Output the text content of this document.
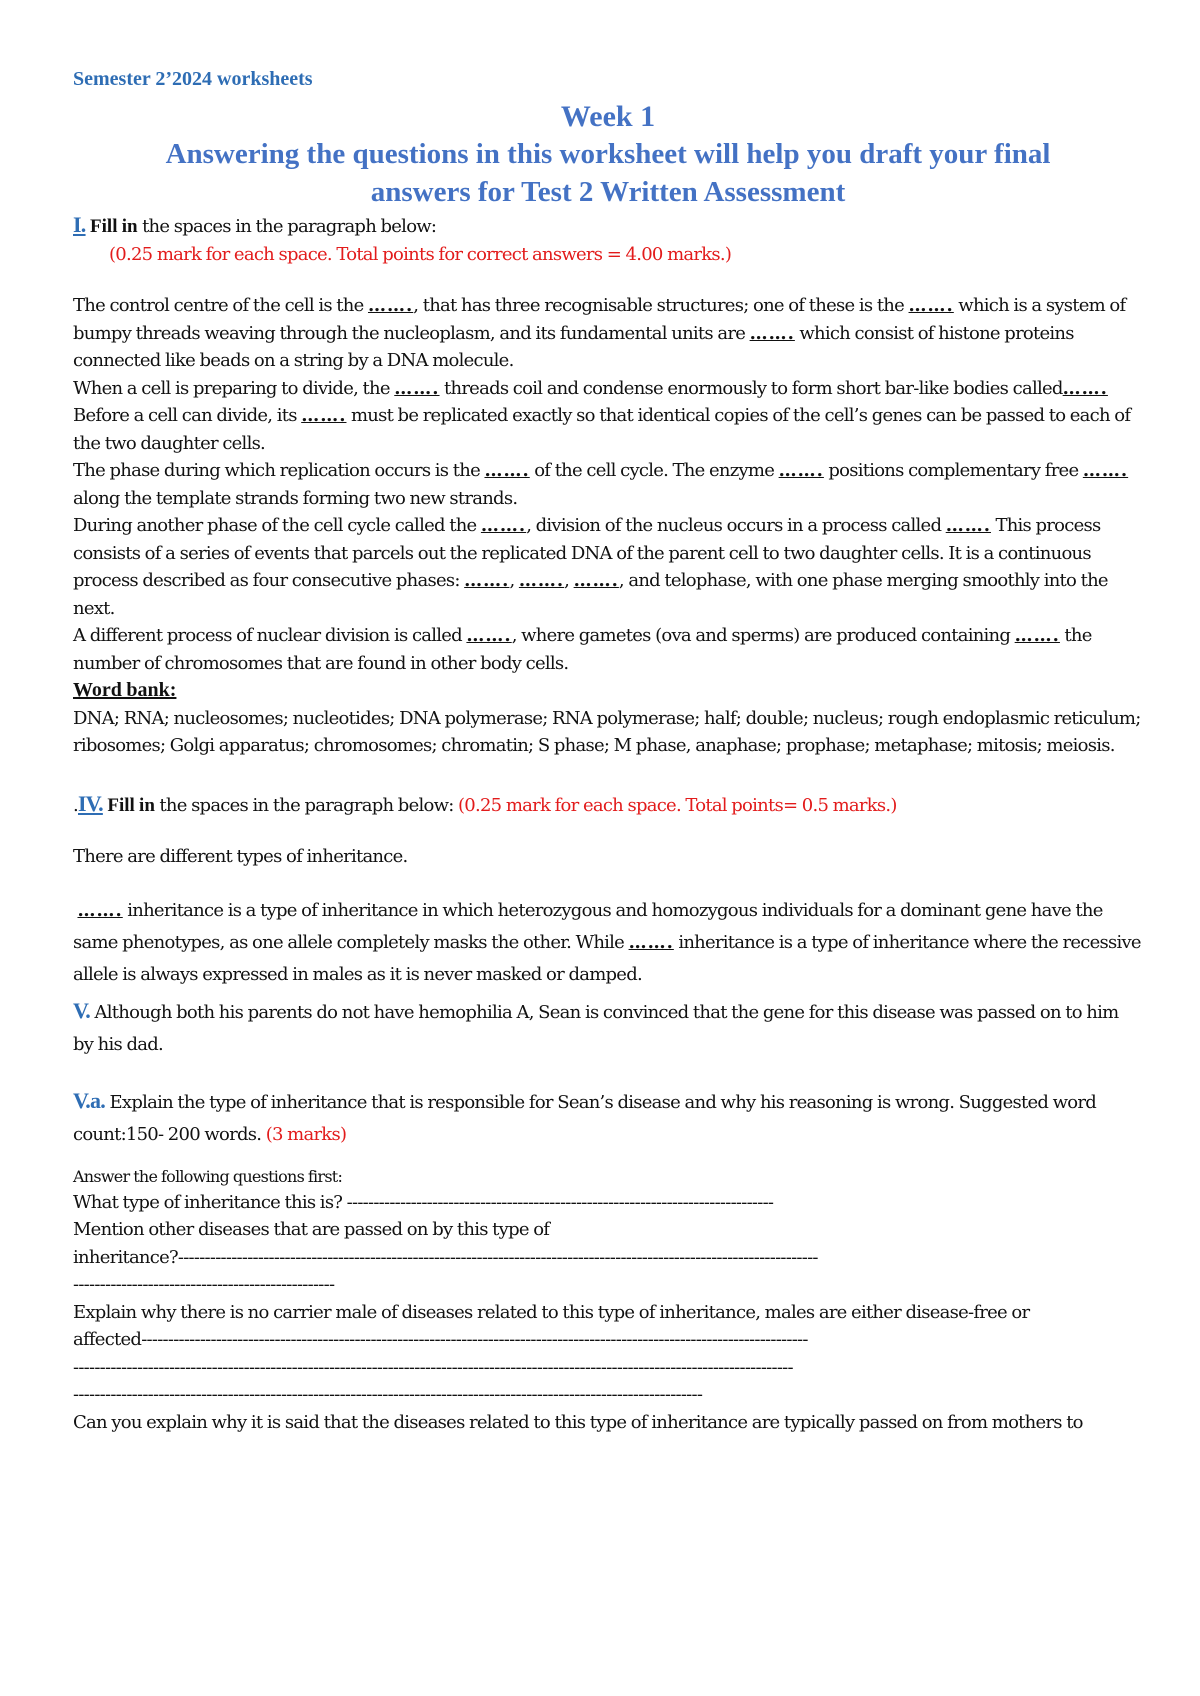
Semester 2’2024 worksheets
Week 1
Answering the questions in this worksheet will help you draft your final
answers for Test 2 Written Assessment

I. Fill in the spaces in the paragraph below:

(0.25 mark for each space. Total points for correct answers = 4.00 marks.)

The control centre of the cell is the ……., that has three recognisable structures; one of these is the ……. which is a system of bumpy threads weaving through the nucleoplasm, and its fundamental units are ……. which consist of histone proteins connected like beads on a string by a DNA molecule.

When a cell is preparing to divide, the ……. threads coil and condense enormously to form short bar-like bodies called…….

Before a cell can divide, its ……. must be replicated exactly so that identical copies of the cell’s genes can be passed to each of the two daughter cells.

The phase during which replication occurs is the ……. of the cell cycle. The enzyme ……. positions complementary free ……. along the template strands forming two new strands.

During another phase of the cell cycle called the ……., division of the nucleus occurs in a process called ……. This process consists of a series of events that parcels out the replicated DNA of the parent cell to two daughter cells. It is a continuous process described as four consecutive phases: ……., ……., ……., and telophase, with one phase merging smoothly into the next.

A different process of nuclear division is called ……., where gametes (ova and sperms) are produced containing ……. the number of chromosomes that are found in other body cells.

Word bank:

DNA; RNA; nucleosomes; nucleotides; DNA polymerase; RNA polymerase; half; double; nucleus; rough endoplasmic reticulum; ribosomes; Golgi apparatus; chromosomes; chromatin; S phase; M phase, anaphase; prophase; metaphase; mitosis; meiosis.

.IV. Fill in the spaces in the paragraph below: (0.25 mark for each space. Total points= 0.5 marks.)

There are different types of inheritance.

……. inheritance is a type of inheritance in which heterozygous and homozygous individuals for a dominant gene have the same phenotypes, as one allele completely masks the other. While ……. inheritance is a type of inheritance where the recessive allele is always expressed in males as it is never masked or damped.

V. Although both his parents do not have hemophilia A, Sean is convinced that the gene for this disease was passed on to him by his dad.

V.a. Explain the type of inheritance that is responsible for Sean’s disease and why his reasoning is wrong. Suggested word count:150- 200 words. (3 marks)

Answer the following questions first:

What type of inheritance this is? --------------------------------------------------------------------------------

Mention other diseases that are passed on by this type of

inheritance?------------------------------------------------------------------------------------------------------------------------

-------------------------------------------------

Explain why there is no carrier male of diseases related to this type of inheritance, males are either disease-free or

affected-----------------------------------------------------------------------------------------------------------------------------

---------------------------------------------------------------------------------------------------------------------------------------

----------------------------------------------------------------------------------------------------------------------

Can you explain why it is said that the diseases related to this type of inheritance are typically passed on from mothers to
